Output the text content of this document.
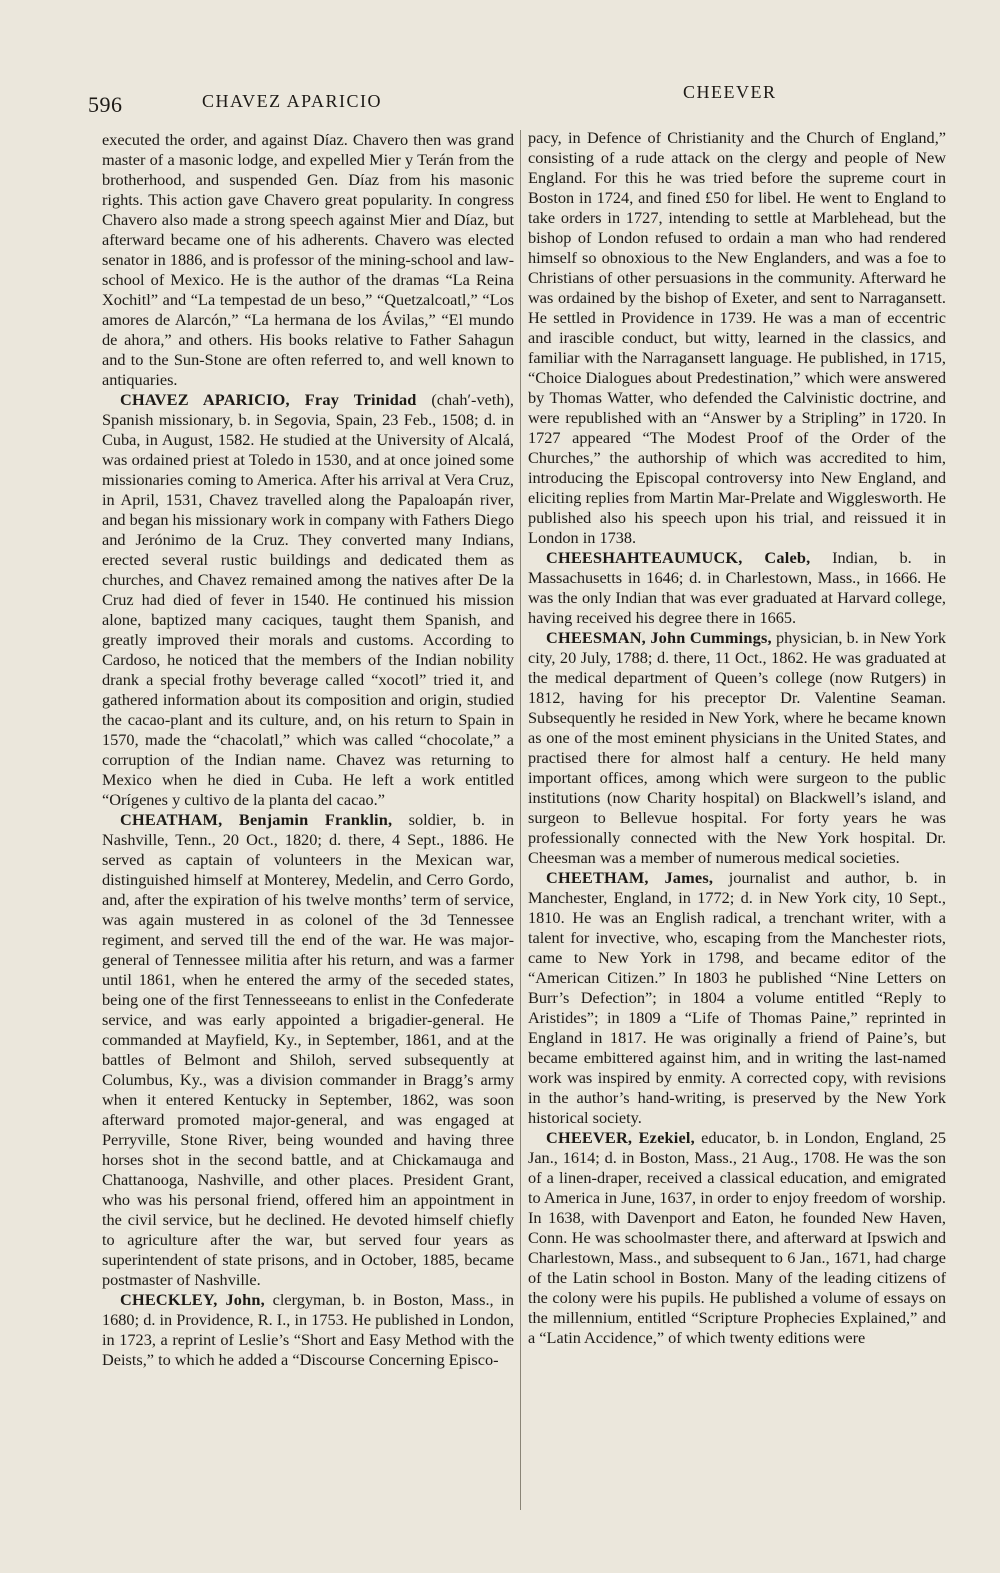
596	CHAVEZ APARICIO	CHEEVER

executed the order, and against Díaz. Chavero then was grand master of a masonic lodge, and expelled Mier y Terán from the brotherhood, and suspended Gen. Díaz from his masonic rights. This action gave Chavero great popularity. In congress Chavero also made a strong speech against Mier and Díaz, but afterward became one of his adherents. Chavero was elected senator in 1886, and is professor of the mining-school and law-school of Mexico. He is the author of the dramas “La Reina Xochitl” and “La tempestad de un beso,” “Quetzalcoatl,” “Los amores de Alarcón,” “La hermana de los Ávilas,” “El mundo de ahora,” and others. His books relative to Father Sahagun and to the Sun-Stone are often referred to, and well known to antiquaries.

CHAVEZ APARICIO, Fray Trinidad (chah′-veth), Spanish missionary, b. in Segovia, Spain, 23 Feb., 1508; d. in Cuba, in August, 1582. He studied at the University of Alcalá, was ordained priest at Toledo in 1530, and at once joined some missionaries coming to America. After his arrival at Vera Cruz, in April, 1531, Chavez travelled along the Papaloapán river, and began his missionary work in company with Fathers Diego and Jerónimo de la Cruz. They converted many Indians, erected several rustic buildings and dedicated them as churches, and Chavez remained among the natives after De la Cruz had died of fever in 1540. He continued his mission alone, baptized many caciques, taught them Spanish, and greatly improved their morals and customs. According to Cardoso, he noticed that the members of the Indian nobility drank a special frothy beverage called “xocotl” tried it, and gathered information about its composition and origin, studied the cacao-plant and its culture, and, on his return to Spain in 1570, made the “chacolatl,” which was called “chocolate,” a corruption of the Indian name. Chavez was returning to Mexico when he died in Cuba. He left a work entitled “Orígenes y cultivo de la planta del cacao.”

CHEATHAM, Benjamin Franklin, soldier, b. in Nashville, Tenn., 20 Oct., 1820; d. there, 4 Sept., 1886. He served as captain of volunteers in the Mexican war, distinguished himself at Monterey, Medelin, and Cerro Gordo, and, after the expiration of his twelve months’ term of service, was again mustered in as colonel of the 3d Tennessee regiment, and served till the end of the war. He was major-general of Tennessee militia after his return, and was a farmer until 1861, when he entered the army of the seceded states, being one of the first Tennesseeans to enlist in the Confederate service, and was early appointed a brigadier-general. He commanded at Mayfield, Ky., in September, 1861, and at the battles of Belmont and Shiloh, served subsequently at Columbus, Ky., was a division commander in Bragg’s army when it entered Kentucky in September, 1862, was soon afterward promoted major-general, and was engaged at Perryville, Stone River, being wounded and having three horses shot in the second battle, and at Chickamauga and Chattanooga, Nashville, and other places. President Grant, who was his personal friend, offered him an appointment in the civil service, but he declined. He devoted himself chiefly to agriculture after the war, but served four years as superintendent of state prisons, and in October, 1885, became postmaster of Nashville.

CHECKLEY, John, clergyman, b. in Boston, Mass., in 1680; d. in Providence, R. I., in 1753. He published in London, in 1723, a reprint of Leslie’s “Short and Easy Method with the Deists,” to which he added a “Discourse Concerning Episco-

pacy, in Defence of Christianity and the Church of England,” consisting of a rude attack on the clergy and people of New England. For this he was tried before the supreme court in Boston in 1724, and fined £50 for libel. He went to England to take orders in 1727, intending to settle at Marblehead, but the bishop of London refused to ordain a man who had rendered himself so obnoxious to the New Englanders, and was a foe to Christians of other persuasions in the community. Afterward he was ordained by the bishop of Exeter, and sent to Narragansett. He settled in Providence in 1739. He was a man of eccentric and irascible conduct, but witty, learned in the classics, and familiar with the Narragansett language. He published, in 1715, “Choice Dialogues about Predestination,” which were answered by Thomas Watter, who defended the Calvinistic doctrine, and were republished with an “Answer by a Stripling” in 1720. In 1727 appeared “The Modest Proof of the Order of the Churches,” the authorship of which was accredited to him, introducing the Episcopal controversy into New England, and eliciting replies from Martin Mar-Prelate and Wigglesworth. He published also his speech upon his trial, and reissued it in London in 1738.

CHEESHAHTEAUMUCK, Caleb, Indian, b. in Massachusetts in 1646; d. in Charlestown, Mass., in 1666. He was the only Indian that was ever graduated at Harvard college, having received his degree there in 1665.

CHEESMAN, John Cummings, physician, b. in New York city, 20 July, 1788; d. there, 11 Oct., 1862. He was graduated at the medical department of Queen’s college (now Rutgers) in 1812, having for his preceptor Dr. Valentine Seaman. Subsequently he resided in New York, where he became known as one of the most eminent physicians in the United States, and practised there for almost half a century. He held many important offices, among which were surgeon to the public institutions (now Charity hospital) on Blackwell’s island, and surgeon to Bellevue hospital. For forty years he was professionally connected with the New York hospital. Dr. Cheesman was a member of numerous medical societies.

CHEETHAM, James, journalist and author, b. in Manchester, England, in 1772; d. in New York city, 10 Sept., 1810. He was an English radical, a trenchant writer, with a talent for invective, who, escaping from the Manchester riots, came to New York in 1798, and became editor of the “American Citizen.” In 1803 he published “Nine Letters on Burr’s Defection”; in 1804 a volume entitled “Reply to Aristides”; in 1809 a “Life of Thomas Paine,” reprinted in England in 1817. He was originally a friend of Paine’s, but became embittered against him, and in writing the last-named work was inspired by enmity. A corrected copy, with revisions in the author’s hand-writing, is preserved by the New York historical society.

CHEEVER, Ezekiel, educator, b. in London, England, 25 Jan., 1614; d. in Boston, Mass., 21 Aug., 1708. He was the son of a linen-draper, received a classical education, and emigrated to America in June, 1637, in order to enjoy freedom of worship. In 1638, with Davenport and Eaton, he founded New Haven, Conn. He was schoolmaster there, and afterward at Ipswich and Charlestown, Mass., and subsequent to 6 Jan., 1671, had charge of the Latin school in Boston. Many of the leading citizens of the colony were his pupils. He published a volume of essays on the millennium, entitled “Scripture Prophecies Explained,” and a “Latin Accidence,” of which twenty editions were
